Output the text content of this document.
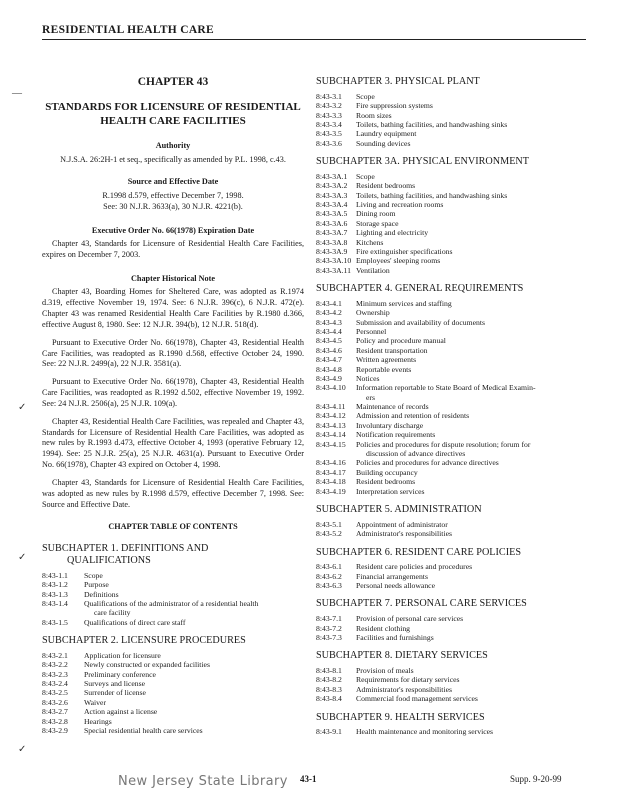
RESIDENTIAL HEALTH CARE
CHAPTER 43
STANDARDS FOR LICENSURE OF RESIDENTIAL HEALTH CARE FACILITIES
Authority
N.J.S.A. 26:2H-1 et seq., specifically as amended by P.L. 1998, c.43.
Source and Effective Date
R.1998 d.579, effective December 7, 1998.
See: 30 N.J.R. 3633(a), 30 N.J.R. 4221(b).
Executive Order No. 66(1978) Expiration Date

Chapter 43, Standards for Licensure of Residential Health Care Facilities, expires on December 7, 2003.

Chapter Historical Note

Chapter 43, Boarding Homes for Sheltered Care, was adopted as R.1974 d.319, effective November 19, 1974. See: 6 N.J.R. 396(c), 6 N.J.R. 472(e). Chapter 43 was renamed Residential Health Care Facilities by R.1980 d.366, effective August 8, 1980. See: 12 N.J.R. 394(b), 12 N.J.R. 518(d).

Pursuant to Executive Order No. 66(1978), Chapter 43, Residential Health Care Facilities, was readopted as R.1990 d.568, effective October 24, 1990. See: 22 N.J.R. 2499(a), 22 N.J.R. 3581(a).

Pursuant to Executive Order No. 66(1978), Chapter 43, Residential Health Care Facilities, was readopted as R.1992 d.502, effective November 19, 1992. See: 24 N.J.R. 2506(a), 25 N.J.R. 109(a).

Chapter 43, Residential Health Care Facilities, was repealed and Chapter 43, Standards for Licensure of Residential Health Care Facilities, was adopted as new rules by R.1993 d.473, effective October 4, 1993 (operative February 12, 1994). See: 25 N.J.R. 25(a), 25 N.J.R. 4631(a). Pursuant to Executive Order No. 66(1978), Chapter 43 expired on October 4, 1998.

Chapter 43, Standards for Licensure of Residential Health Care Facilities, was adopted as new rules by R.1998 d.579, effective December 7, 1998. See: Source and Effective Date.

CHAPTER TABLE OF CONTENTS
SUBCHAPTER 1. DEFINITIONS AND
QUALIFICATIONS
8:43-1.1	Scope
8:43-1.2	Purpose
8:43-1.3	Definitions
8:43-1.4	Qualifications of the administrator of a residential health
care facility
8:43-1.5	Qualifications of direct care staff
SUBCHAPTER 2. LICENSURE PROCEDURES
8:43-2.1	Application for licensure
8:43-2.2	Newly constructed or expanded facilities
8:43-2.3	Preliminary conference
8:43-2.4	Surveys and license
8:43-2.5	Surrender of license
8:43-2.6	Waiver
8:43-2.7	Action against a license
8:43-2.8	Hearings
8:43-2.9	Special residential health care services
SUBCHAPTER 3. PHYSICAL PLANT
8:43-3.1	Scope
8:43-3.2	Fire suppression systems
8:43-3.3	Room sizes
8:43-3.4	Toilets, bathing facilities, and handwashing sinks
8:43-3.5	Laundry equipment
8:43-3.6	Sounding devices
SUBCHAPTER 3A. PHYSICAL ENVIRONMENT
8:43-3A.1	Scope
8:43-3A.2	Resident bedrooms
8:43-3A.3	Toilets, bathing facilities, and handwashing sinks
8:43-3A.4	Living and recreation rooms
8:43-3A.5	Dining room
8:43-3A.6	Storage space
8:43-3A.7	Lighting and electricity
8:43-3A.8	Kitchens
8:43-3A.9	Fire extinguisher specifications
8:43-3A.10 Employees' sleeping rooms
8:43-3A.11 Ventilation
SUBCHAPTER 4. GENERAL REQUIREMENTS
8:43-4.1	Minimum services and staffing
8:43-4.2	Ownership
8:43-4.3	Submission and availability of documents
8:43-4.4	Personnel
8:43-4.5	Policy and procedure manual
8:43-4.6	Resident transportation
8:43-4.7	Written agreements
8:43-4.8	Reportable events
8:43-4.9	Notices
8:43-4.10	Information reportable to State Board of Medical Examin-
ers
8:43-4.11	Maintenance of records
8:43-4.12	Admission and retention of residents
8:43-4.13	Involuntary discharge
8:43-4.14	Notification requirements
8:43-4.15	Policies and procedures for dispute resolution; forum for
discussion of advance directives
8:43-4.16	Policies and procedures for advance directives
8:43-4.17	Building occupancy
8:43-4.18	Resident bedrooms
8:43-4.19	Interpretation services
SUBCHAPTER 5. ADMINISTRATION
8:43-5.1	Appointment of administrator
8:43-5.2	Administrator's responsibilities
SUBCHAPTER 6. RESIDENT CARE POLICIES
8:43-6.1	Resident care policies and procedures
8:43-6.2	Financial arrangements
8:43-6.3	Personal needs allowance
SUBCHAPTER 7. PERSONAL CARE SERVICES
8:43-7.1	Provision of personal care services
8:43-7.2	Resident clothing
8:43-7.3	Facilities and furnishings
SUBCHAPTER 8. DIETARY SERVICES
8:43-8.1	Provision of meals
8:43-8.2	Requirements for dietary services
8:43-8.3	Administrator's responsibilities
8:43-8.4	Commercial food management services
SUBCHAPTER 9. HEALTH SERVICES
8:43-9.1	Health maintenance and monitoring services
—
✓
✓
✓
New Jersey State Library 43-1	Supp. 9-20-99
